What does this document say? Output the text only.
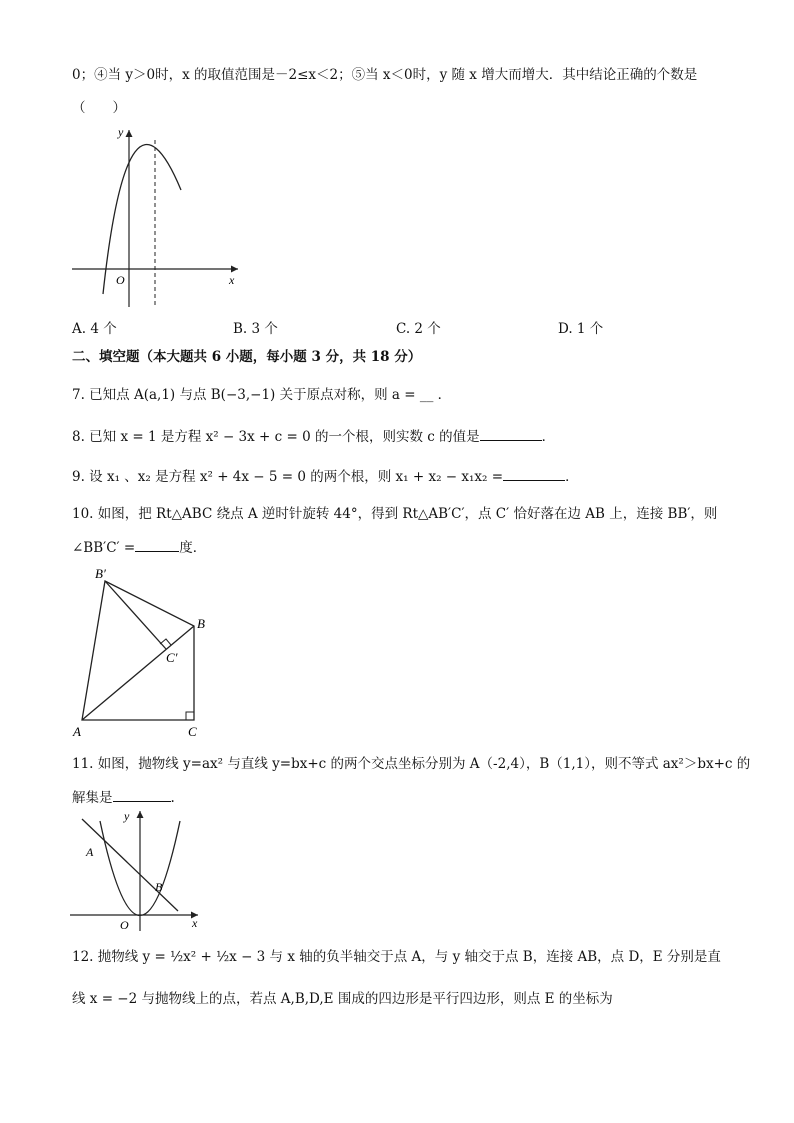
0；④当 y＞0时，x 的取值范围是－2≤x＜2；⑤当 x＜0时，y 随 x 增大而增大．其中结论正确的个数是
（　　）
y
x
O
A. 4 个	B. 3 个	C. 2 个	D. 1 个
二、填空题（本大题共 6 小题，每小题 3 分，共 18 分）
7. 已知点 A(a,1) 与点 B(−3,−1) 关于原点对称，则 a = __ ．
8. 已知 x = 1 是方程 x² − 3x + c = 0 的一个根，则实数 c 的值是	．
9. 设 x₁ 、x₂ 是方程 x² + 4x − 5 = 0 的两个根，则 x₁ + x₂ − x₁x₂ =	．
10. 如图，把 Rt△ABC 绕点 A 逆时针旋转 44°，得到 Rt△AB′C′，点 C′ 恰好落在边 AB 上，连接 BB′，则
∠BB′C′ =	度．
B′
B
C′
A	C
11. 如图，抛物线 y=ax² 与直线 y=bx+c 的两个交点坐标分别为 A（-2,4），B（1,1），则不等式 ax²＞bx+c 的
解集是	.
y
x
O
A
B
12. 抛物线 y = ½x² + ½x − 3 与 x 轴的负半轴交于点 A，与 y 轴交于点 B，连接 AB，点 D，E 分别是直
线 x = −2 与抛物线上的点，若点 A,B,D,E 围成的四边形是平行四边形，则点 E 的坐标为
